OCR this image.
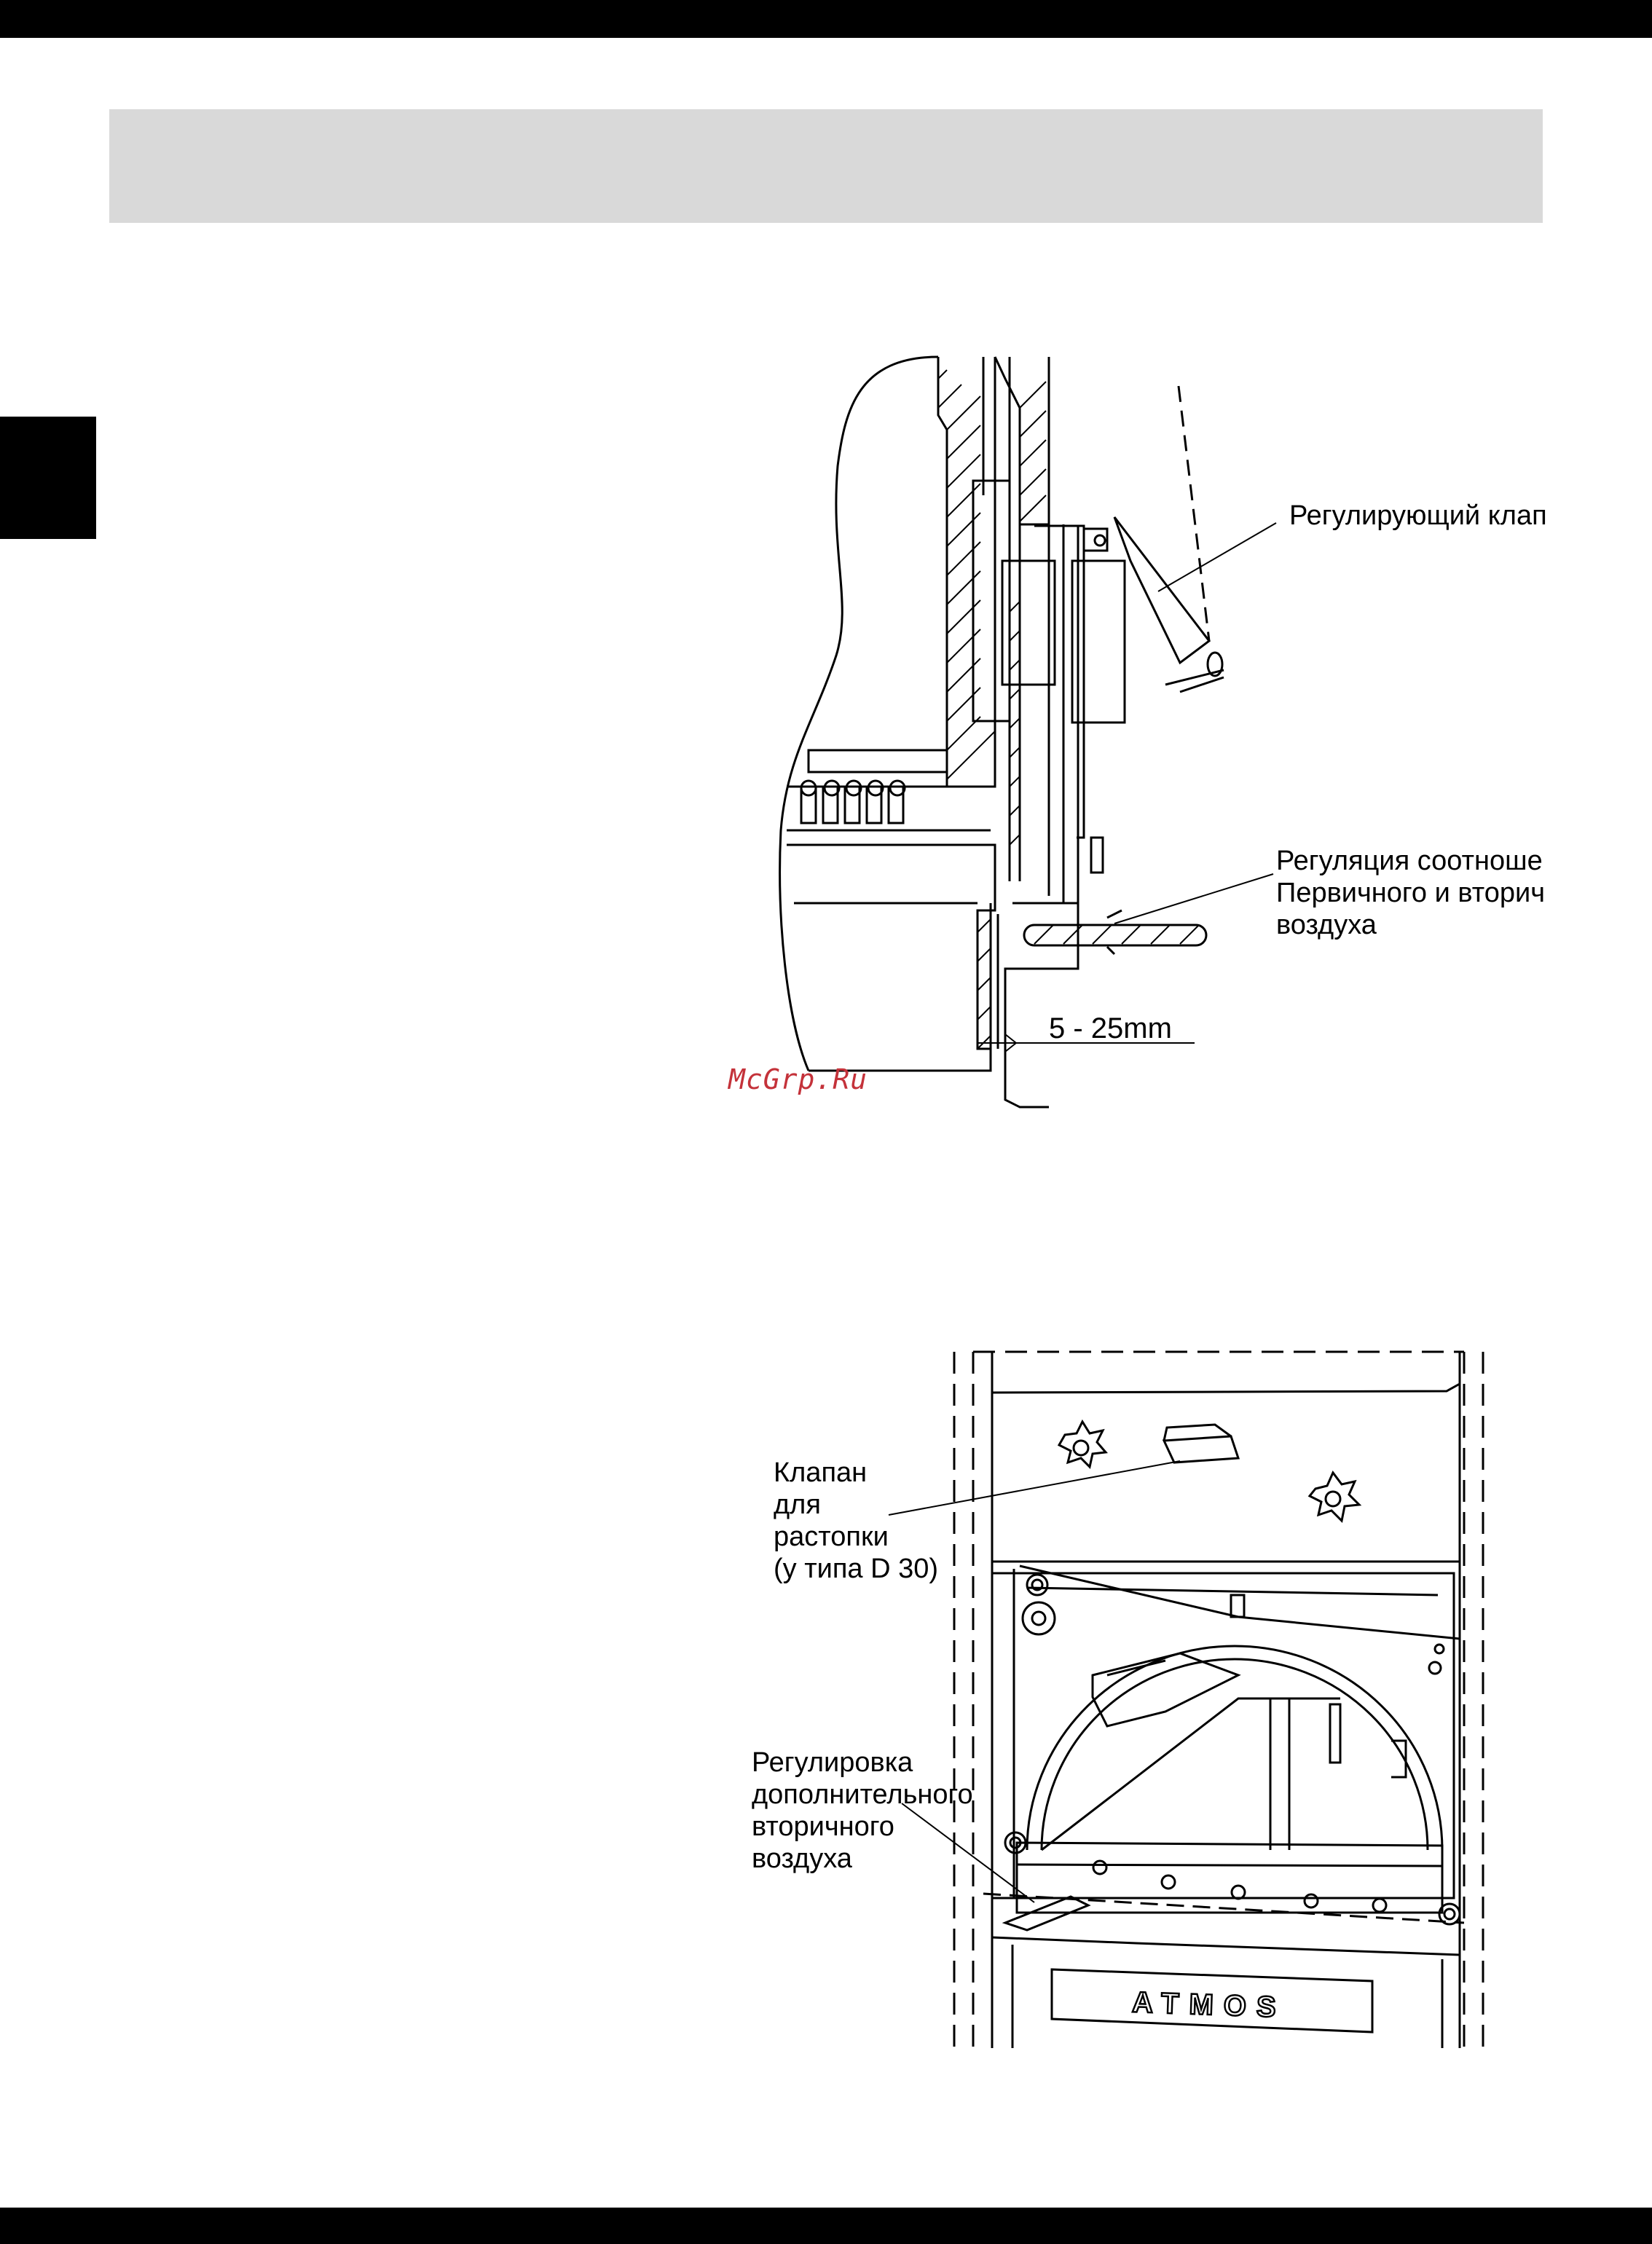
Регулирующий клап
Регуляция соотноше
Первичного и вторич
воздуха
5 - 25mm
McGrp.Ru
ATMOS
Клапан
для
растопки
(у типа D 30)
Регулировка
дополнительного
вторичного
воздуха
